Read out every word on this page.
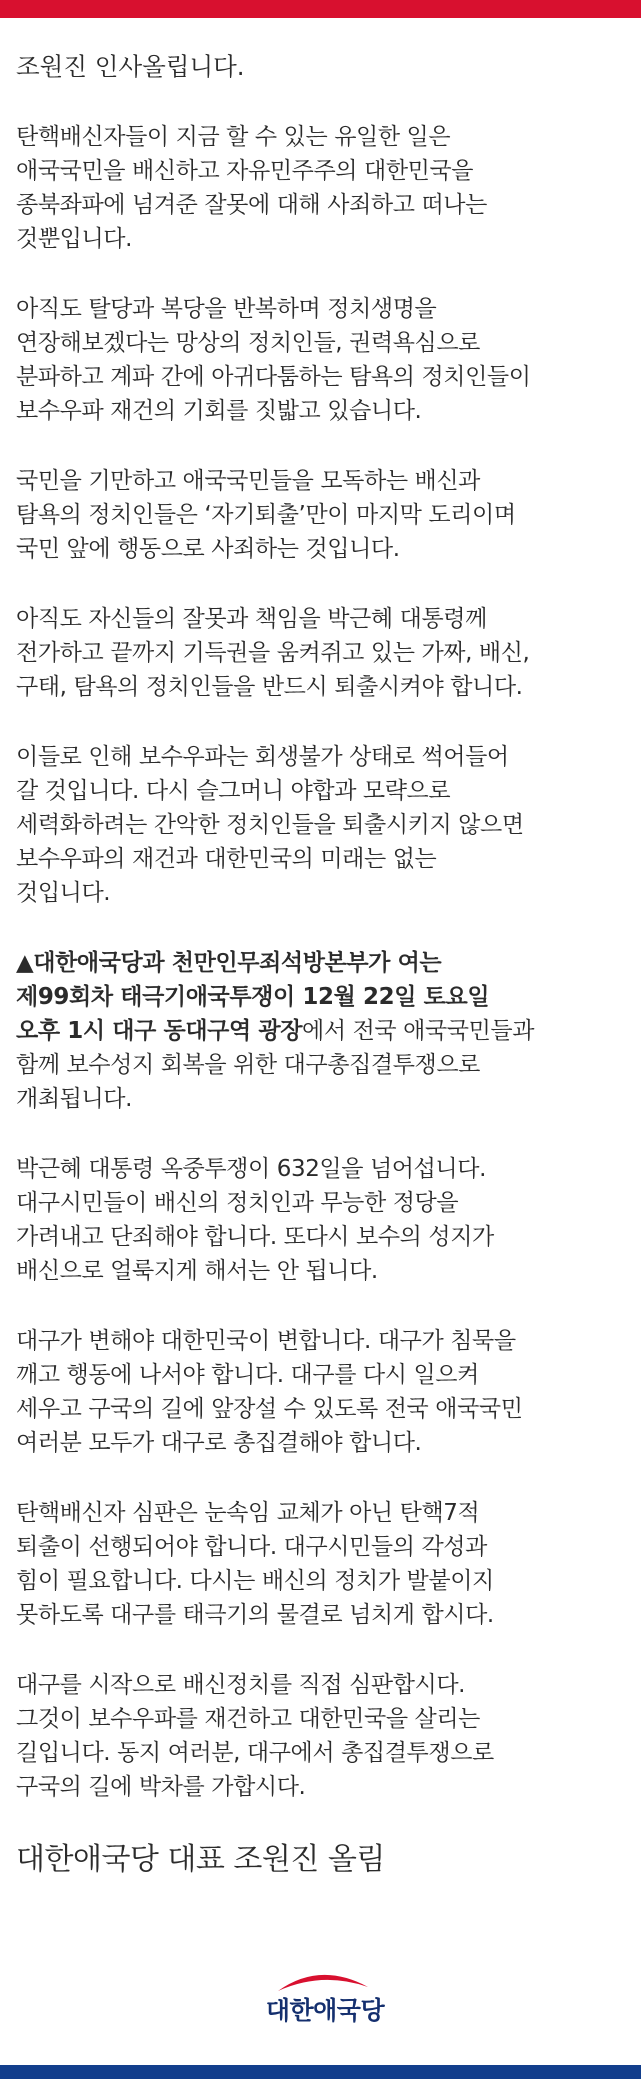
조원진 인사올립니다.
탄핵배신자들이 지금 할 수 있는 유일한 일은
애국국민을 배신하고 자유민주주의 대한민국을
종북좌파에 넘겨준 잘못에 대해 사죄하고 떠나는
것뿐입니다.
아직도 탈당과 복당을 반복하며 정치생명을
연장해보겠다는 망상의 정치인들, 권력욕심으로
분파하고 계파 간에 아귀다툼하는 탐욕의 정치인들이
보수우파 재건의 기회를 짓밟고 있습니다.
국민을 기만하고 애국국민들을 모독하는 배신과
탐욕의 정치인들은 ‘자기퇴출’만이 마지막 도리이며
국민 앞에 행동으로 사죄하는 것입니다.
아직도 자신들의 잘못과 책임을 박근혜 대통령께
전가하고 끝까지 기득권을 움켜쥐고 있는 가짜, 배신,
구태, 탐욕의 정치인들을 반드시 퇴출시켜야 합니다.
이들로 인해 보수우파는 회생불가 상태로 썩어들어
갈 것입니다. 다시 슬그머니 야합과 모략으로
세력화하려는 간악한 정치인들을 퇴출시키지 않으면
보수우파의 재건과 대한민국의 미래는 없는
것입니다.
▲대한애국당과 천만인무죄석방본부가 여는
제99회차 태극기애국투쟁이 12월 22일 토요일
오후 1시 대구 동대구역 광장에서 전국 애국국민들과
함께 보수성지 회복을 위한 대구총집결투쟁으로
개최됩니다.
박근혜 대통령 옥중투쟁이 632일을 넘어섭니다.
대구시민들이 배신의 정치인과 무능한 정당을
가려내고 단죄해야 합니다. 또다시 보수의 성지가
배신으로 얼룩지게 해서는 안 됩니다.
대구가 변해야 대한민국이 변합니다. 대구가 침묵을
깨고 행동에 나서야 합니다. 대구를 다시 일으켜
세우고 구국의 길에 앞장설 수 있도록 전국 애국국민
여러분 모두가 대구로 총집결해야 합니다.
탄핵배신자 심판은 눈속임 교체가 아닌 탄핵7적
퇴출이 선행되어야 합니다. 대구시민들의 각성과
힘이 필요합니다. 다시는 배신의 정치가 발붙이지
못하도록 대구를 태극기의 물결로 넘치게 합시다.
대구를 시작으로 배신정치를 직접 심판합시다.
그것이 보수우파를 재건하고 대한민국을 살리는
길입니다. 동지 여러분, 대구에서 총집결투쟁으로
구국의 길에 박차를 가합시다.
대한애국당 대표 조원진 올림
대한애국당
